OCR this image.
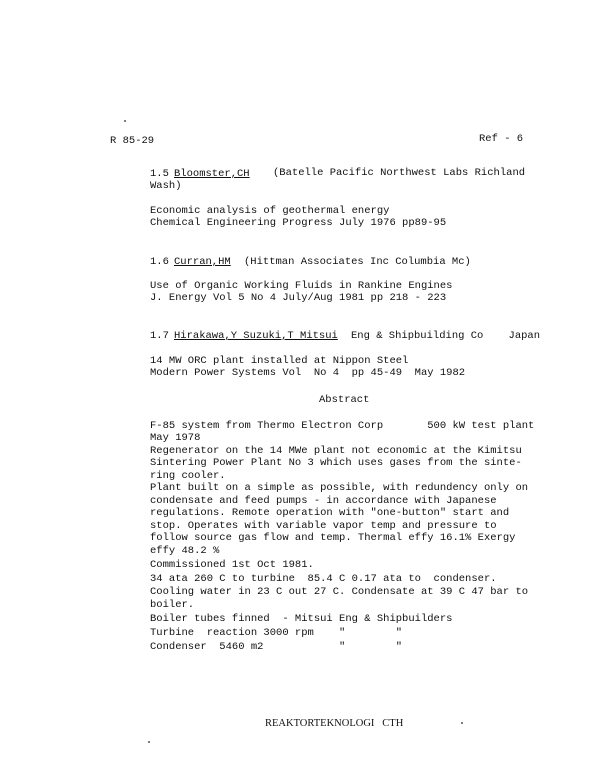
R 85-29	Ref - 6
1.5 Bloomster,CH (Batelle Pacific Northwest Labs Richland
Wash)
Economic analysis of geothermal energy
Chemical Engineering Progress July 1976 pp89-95
1.6 Curran,HM (Hittman Associates Inc Columbia Mc)
Use of Organic Working Fluids in Rankine Engines
J. Energy Vol 5 No 4 July/Aug 1981 pp 218 - 223
1.7 Hirakawa,Y Suzuki,T Mitsui Eng & Shipbuilding Co    Japan
14 MW ORC plant installed at Nippon Steel
Modern Power Systems Vol  No 4  pp 45-49  May 1982
Abstract
F-85 system from Thermo Electron Corp       500 kW test plant
May 1978
Regenerator on the 14 MWe plant not economic at the Kimitsu
Sintering Power Plant No 3 which uses gases from the sinte-
ring cooler.
Plant built on a simple as possible, with redundency only on
condensate and feed pumps - in accordance with Japanese
regulations. Remote operation with "one-button" start and
stop. Operates with variable vapor temp and pressure to
follow source gas flow and temp. Thermal effy 16.1% Exergy
effy 48.2 %
Commissioned 1st Oct 1981.
34 ata 260 C to turbine  85.4 C 0.17 ata to  condenser.
Cooling water in 23 C out 27 C. Condensate at 39 C 47 bar to
boiler.
Boiler tubes finned  - Mitsui Eng & Shipbuilders
Turbine  reaction 3000 rpm    "        "
Condenser  5460 m2            "        "
REAKTORTEKNOLOGI   CTH
